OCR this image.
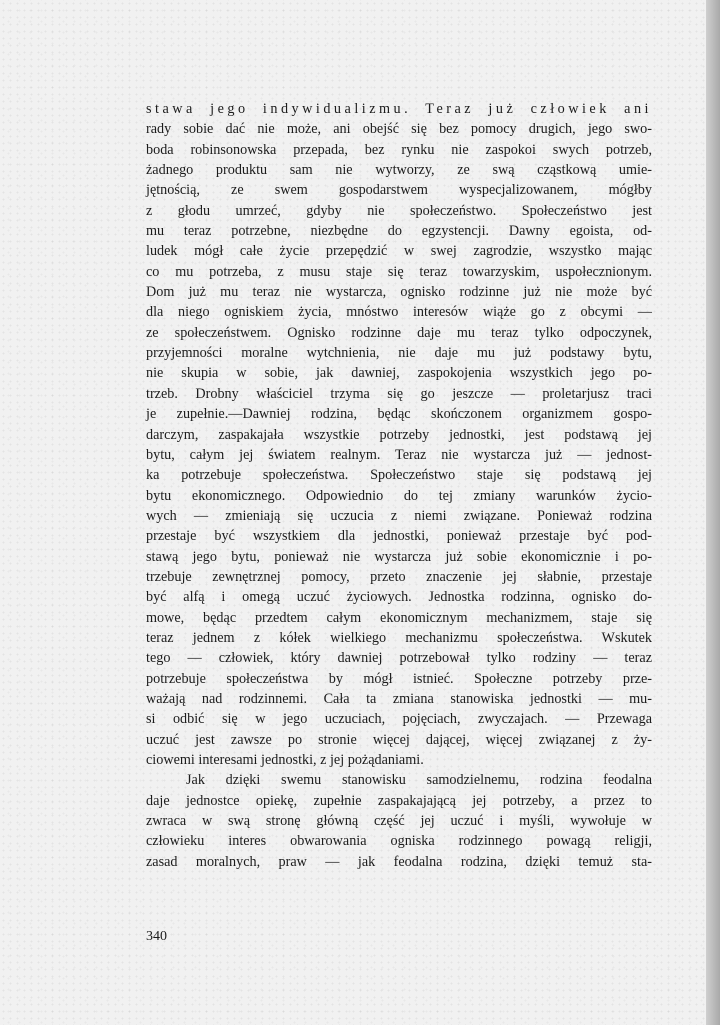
stawa jego indywidualizmu. Teraz już człowiek ani
rady sobie dać nie może, ani obejść się bez pomocy drugich, jego swo-
boda robinsonowska przepada, bez rynku nie zaspokoi swych potrzeb,
żadnego produktu sam nie wytworzy, ze swą cząstkową umie-
jętnością, ze swem gospodarstwem wyspecjalizowanem, mógłby
z głodu umrzeć, gdyby nie społeczeństwo. Społeczeństwo jest
mu teraz potrzebne, niezbędne do egzystencji. Dawny egoista, od-
ludek mógł całe życie przepędzić w swej zagrodzie, wszystko mając
co mu potrzeba, z musu staje się teraz towarzyskim, uspołecznionym.
Dom już mu teraz nie wystarcza, ognisko rodzinne już nie może być
dla niego ogniskiem życia, mnóstwo interesów wiąże go z obcymi —
ze społeczeństwem. Ognisko rodzinne daje mu teraz tylko odpoczynek,
przyjemności moralne wytchnienia, nie daje mu już podstawy bytu,
nie skupia w sobie, jak dawniej, zaspokojenia wszystkich jego po-
trzeb. Drobny właściciel trzyma się go jeszcze — proletarjusz traci
je zupełnie.—Dawniej rodzina, będąc skończonem organizmem gospo-
darczym, zaspakajała wszystkie potrzeby jednostki, jest podstawą jej
bytu, całym jej światem realnym. Teraz nie wystarcza już — jednost-
ka potrzebuje społeczeństwa. Społeczeństwo staje się podstawą jej
bytu ekonomicznego. Odpowiednio do tej zmiany warunków życio-
wych — zmieniają się uczucia z niemi związane. Ponieważ rodzina
przestaje być wszystkiem dla jednostki, ponieważ przestaje być pod-
stawą jego bytu, ponieważ nie wystarcza już sobie ekonomicznie i po-
trzebuje zewnętrznej pomocy, przeto znaczenie jej słabnie, przestaje
być alfą i omegą uczuć życiowych. Jednostka rodzinna, ognisko do-
mowe, będąc przedtem całym ekonomicznym mechanizmem, staje się
teraz jednem z kółek wielkiego mechanizmu społeczeństwa. Wskutek
tego — człowiek, który dawniej potrzebował tylko rodziny — teraz
potrzebuje społeczeństwa by mógł istnieć. Społeczne potrzeby prze-
ważają nad rodzinnemi. Cała ta zmiana stanowiska jednostki — mu-
si odbić się w jego uczuciach, pojęciach, zwyczajach. — Przewaga
uczuć jest zawsze po stronie więcej dającej, więcej związanej z ży-
ciowemi interesami jednostki, z jej pożądaniami.
Jak dzięki swemu stanowisku samodzielnemu, rodzina feodalna
daje jednostce opiekę, zupełnie zaspakajającą jej potrzeby, a przez to
zwraca w swą stronę główną część jej uczuć i myśli, wywołuje w
człowieku interes obwarowania ogniska rodzinnego powagą religji,
zasad moralnych, praw — jak feodalna rodzina, dzięki temuż sta-
340
